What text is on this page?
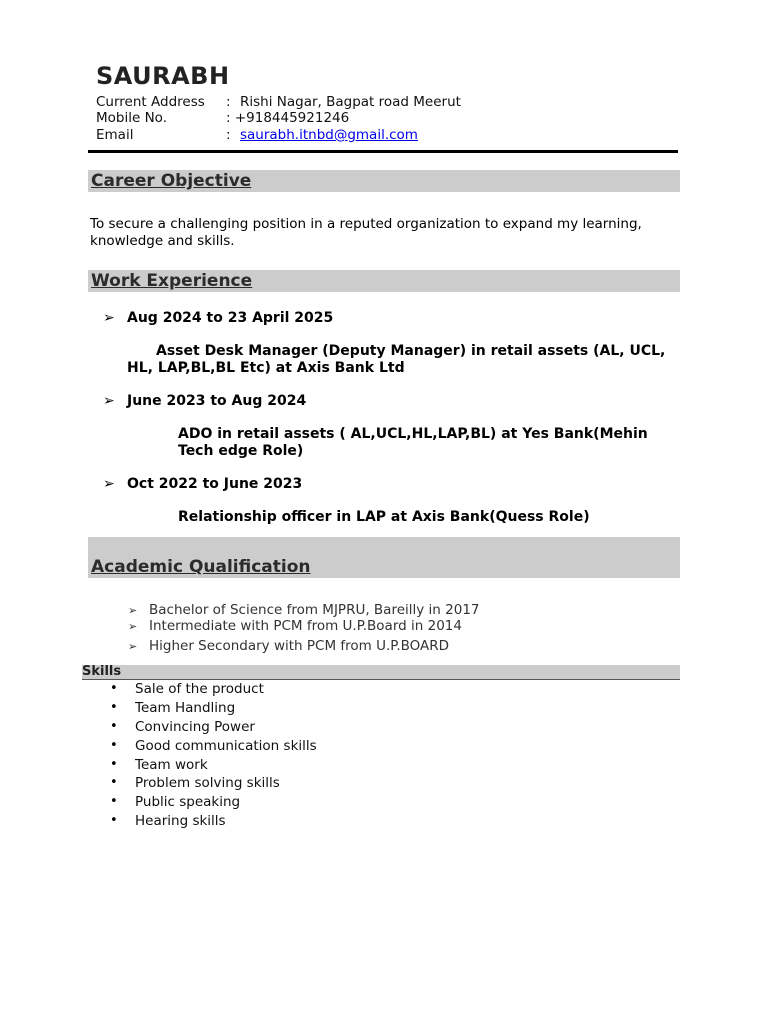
SAURABH
Current Address : Rishi Nagar, Bagpat road Meerut
Mobile No.	: +918445921246
Email	: saurabh.itnbd@gmail.com
Career Objective
To secure a challenging position in a reputed organization to expand my learning,
knowledge and skills.
Work Experience
➢ Aug 2024 to 23 April 2025
Asset Desk Manager (Deputy Manager) in retail assets (AL, UCL,
HL, LAP,BL,BL Etc) at Axis Bank Ltd
➢ June 2023 to Aug 2024
ADO in retail assets ( AL,UCL,HL,LAP,BL) at Yes Bank(Mehin
Tech edge Role)
➢ Oct 2022 to June 2023
Relationship officer in LAP at Axis Bank(Quess Role)
Academic Qualification
➢ Bachelor of Science from MJPRU, Bareilly in 2017
➢ Intermediate with PCM from U.P.Board in 2014
➢ Higher Secondary with PCM from U.P.BOARD
Skills
• Sale of the product
• Team Handling
• Convincing Power
• Good communication skills
• Team work
• Problem solving skills
• Public speaking
• Hearing skills
